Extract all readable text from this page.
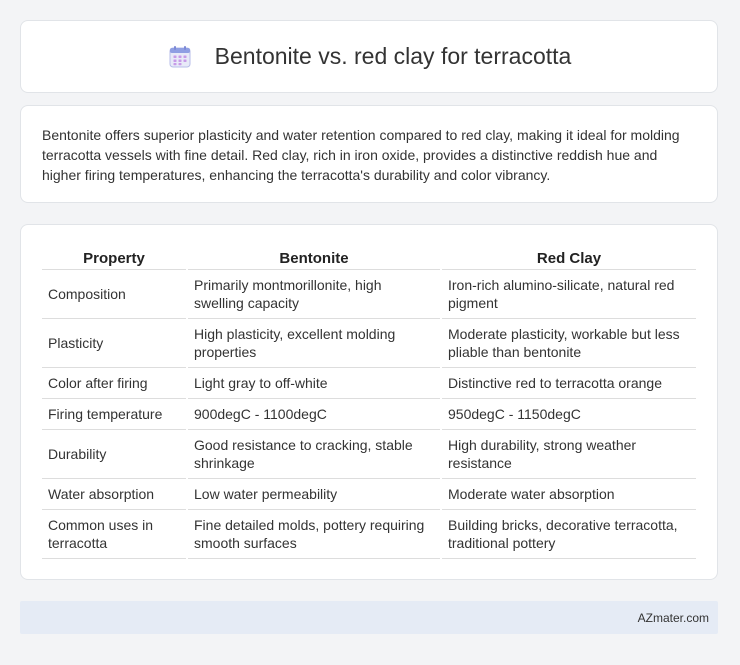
Bentonite vs. red clay for terracotta
Bentonite offers superior plasticity and water retention compared to red clay, making it ideal for molding terracotta vessels with fine detail. Red clay, rich in iron oxide, provides a distinctive reddish hue and higher firing temperatures, enhancing the terracotta's durability and color vibrancy.
Property	Bentonite	Red Clay
Composition	Primarily montmorillonite, high swelling capacity	Iron-rich alumino-silicate, natural red pigment
Plasticity	High plasticity, excellent molding properties	Moderate plasticity, workable but less pliable than bentonite
Color after firing	Light gray to off-white	Distinctive red to terracotta orange
Firing temperature	900degC - 1100degC	950degC - 1150degC
Durability	Good resistance to cracking, stable shrinkage	High durability, strong weather resistance
Water absorption	Low water permeability	Moderate water absorption
Common uses in terracotta	Fine detailed molds, pottery requiring smooth surfaces	Building bricks, decorative terracotta, traditional pottery
AZmater.com
